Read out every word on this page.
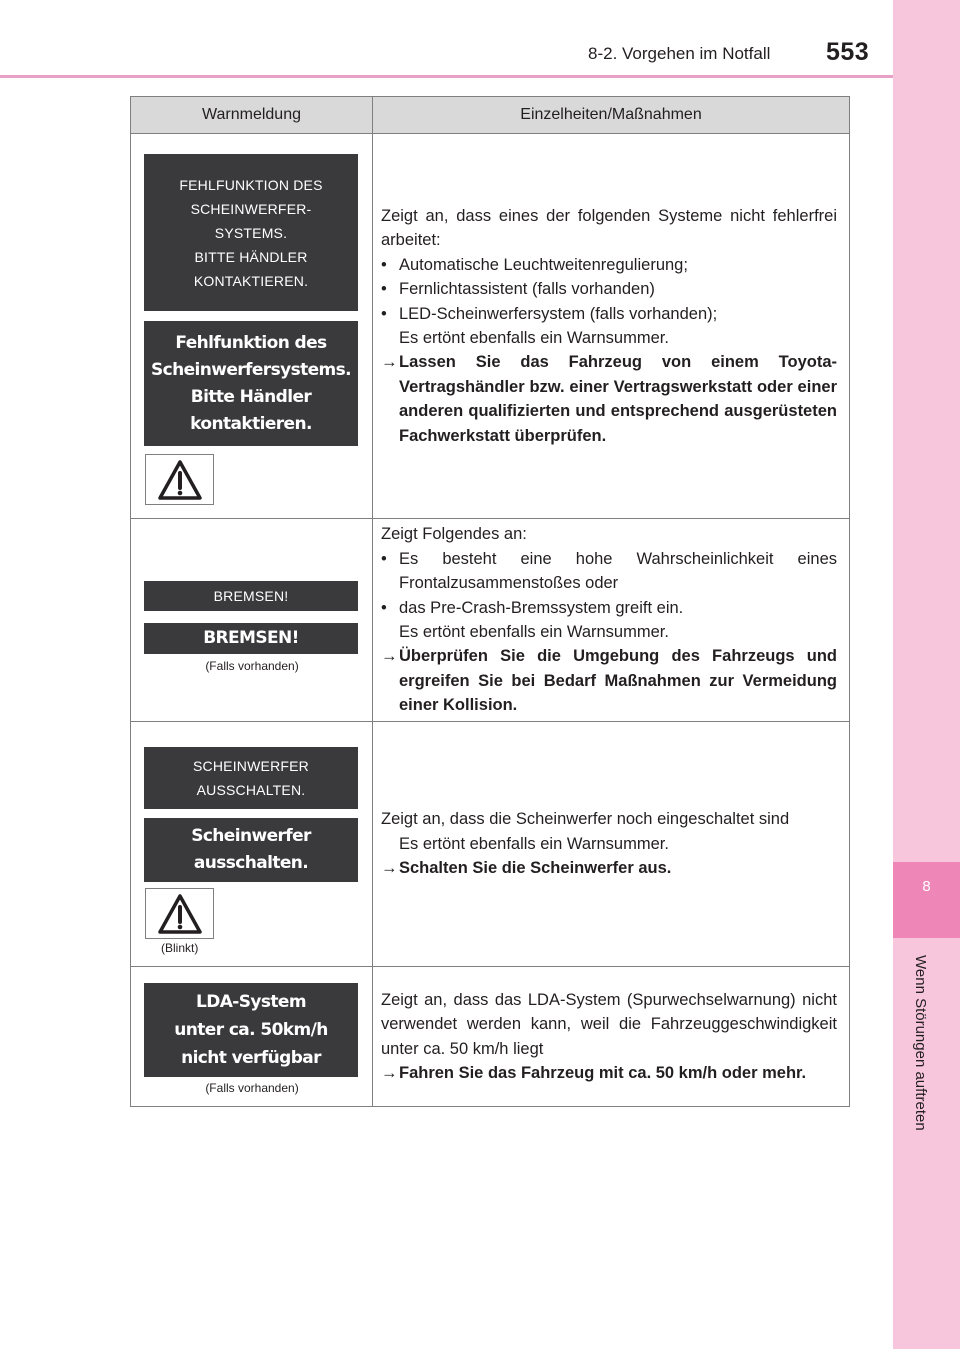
8-2. Vorgehen im Notfall 553
8
Wenn Störungen auftreten
Warnmeldung	Einzelheiten/Maßnahmen
FEHLFUNKTION DES
SCHEINWERFER-
SYSTEMS.
BITTE HÄNDLER
KONTAKTIEREN.
Fehlfunktion des
Scheinwerfersystems.
Bitte Händler
kontaktieren.
Zeigt an, dass eines der folgenden Systeme nicht fehlerfrei arbeitet:
• Automatische Leuchtweitenregulierung;
• Fernlichtassistent (falls vorhanden)
• LED-Scheinwerfersystem (falls vorhanden);
Es ertönt ebenfalls ein Warnsummer.
→ Lassen Sie das Fahrzeug von einem Toyota-Vertragshändler bzw. einer Vertragswerkstatt oder einer anderen qualifizierten und entsprechend ausgerüsteten Fachwerkstatt überprüfen.
BREMSEN!
BREMSEN!
(Falls vorhanden)
Zeigt Folgendes an:
• Es besteht eine hohe Wahrscheinlichkeit eines Frontalzusammenstoßes oder
• das Pre-Crash-Bremssystem greift ein.
Es ertönt ebenfalls ein Warnsummer.
→ Überprüfen Sie die Umgebung des Fahrzeugs und ergreifen Sie bei Bedarf Maßnahmen zur Vermeidung einer Kollision.
SCHEINWERFER
AUSSCHALTEN.
Scheinwerfer
ausschalten.
(Blinkt)
Zeigt an, dass die Scheinwerfer noch eingeschaltet sind
Es ertönt ebenfalls ein Warnsummer.
→ Schalten Sie die Scheinwerfer aus.
LDA-System
unter ca. 50km/h
nicht verfügbar
(Falls vorhanden)
Zeigt an, dass das LDA-System (Spurwechselwarnung) nicht verwendet werden kann, weil die Fahrzeuggeschwindigkeit unter ca. 50 km/h liegt
→ Fahren Sie das Fahrzeug mit ca. 50 km/h oder mehr.
